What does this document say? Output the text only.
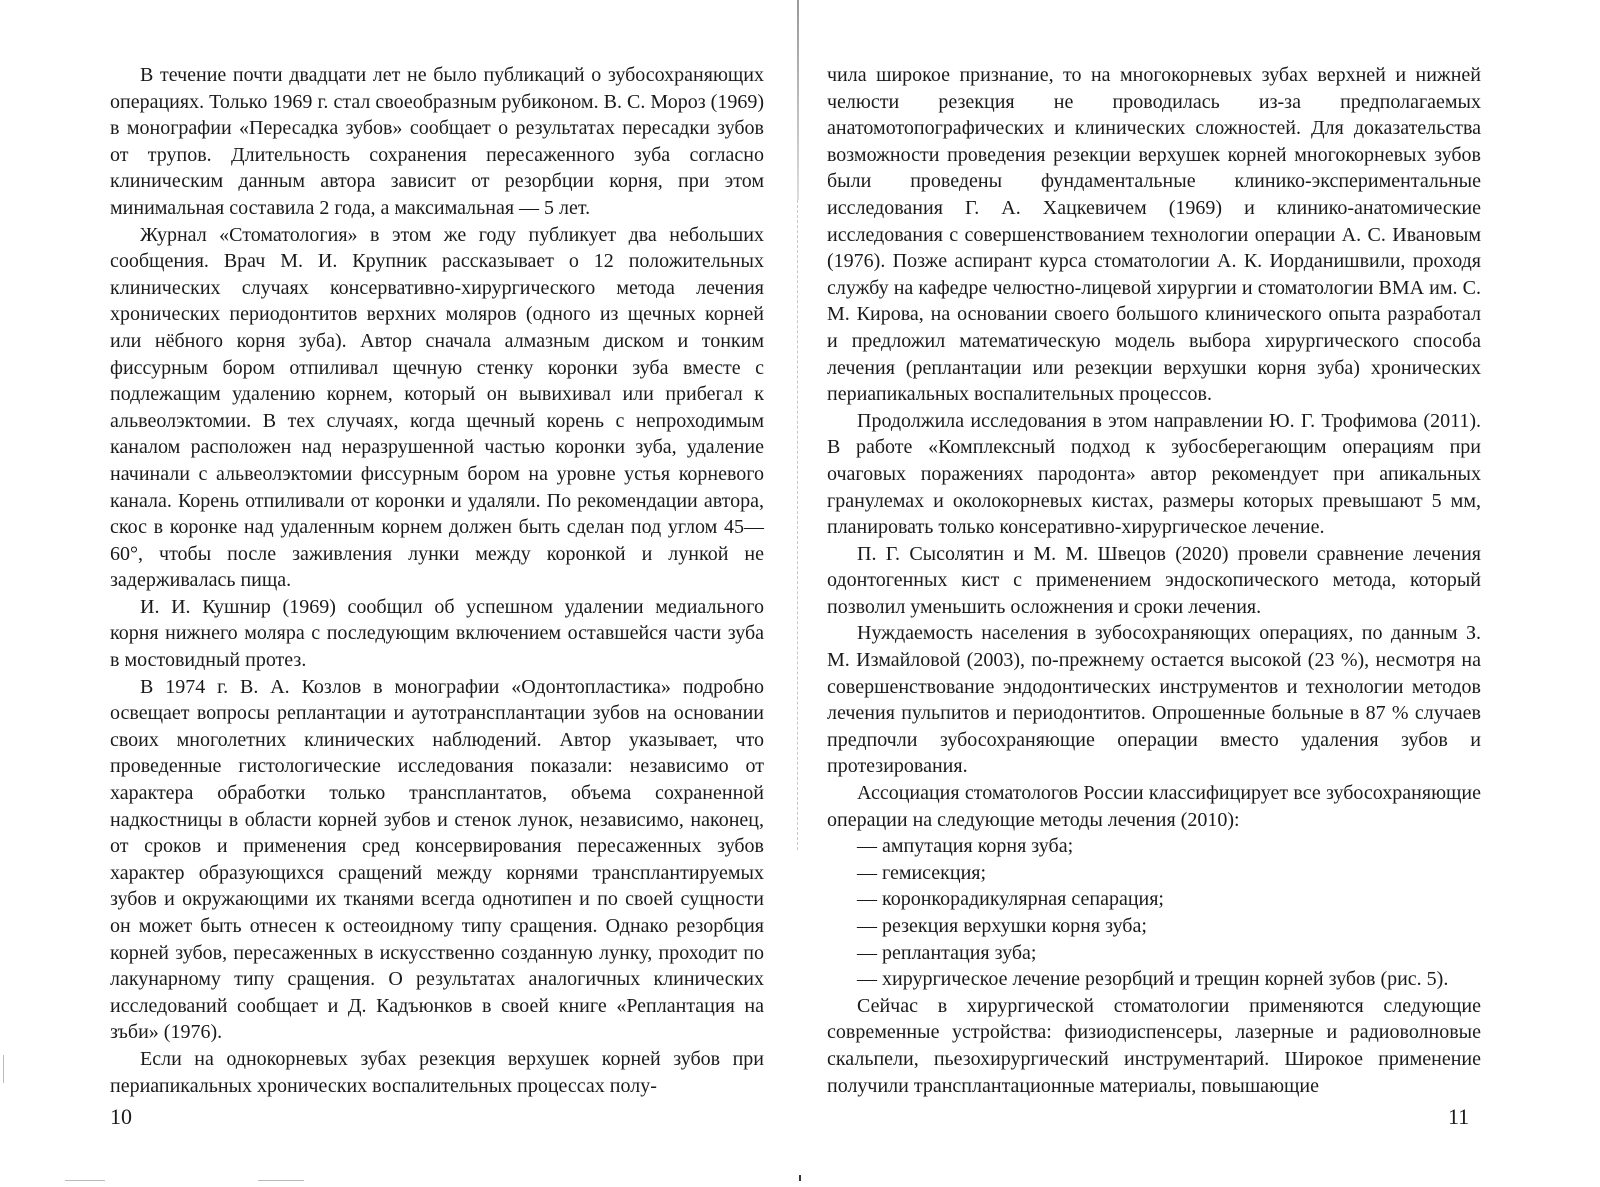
В течение почти двадцати лет не было публикаций о зубосохраняющих операциях. Только 1969 г. стал своеобразным рубиконом. В. С. Мороз (1969) в монографии «Пересадка зубов» сообщает о результатах пересадки зубов от трупов. Длительность сохранения пересаженного зуба согласно клиническим данным автора зависит от резорбции корня, при этом минимальная составила 2 года, а максимальная — 5 лет.

Журнал «Стоматология» в этом же году публикует два небольших сообщения. Врач М. И. Крупник рассказывает о 12 положительных клинических случаях консервативно-хирургического метода лечения хронических периодонтитов верхних моляров (одного из щечных корней или нёбного корня зуба). Автор сначала алмазным диском и тонким фиссурным бором отпиливал щечную стенку коронки зуба вместе с подлежащим удалению корнем, который он вывихивал или прибегал к альвеолэктомии. В тех случаях, когда щечный корень с непроходимым каналом расположен над неразрушенной частью коронки зуба, удаление начинали с альвеолэктомии фиссурным бором на уровне устья корневого канала. Корень отпиливали от коронки и удаляли. По рекомендации автора, скос в коронке над удаленным корнем должен быть сделан под углом 45—60°, чтобы после заживления лунки между коронкой и лункой не задерживалась пища.

И. И. Кушнир (1969) сообщил об успешном удалении медиального корня нижнего моляра с последующим включением оставшейся части зуба в мостовидный протез.

В 1974 г. В. А. Козлов в монографии «Одонтопластика» подробно освещает вопросы реплантации и аутотрансплантации зубов на основании своих многолетних клинических наблюдений. Автор указывает, что проведенные гистологические исследования показали: независимо от характера обработки только трансплантатов, объема сохраненной надкостницы в области корней зубов и стенок лунок, независимо, наконец, от сроков и применения сред консервирования пересаженных зубов характер образующихся сращений между корнями трансплантируемых зубов и окружающими их тканями всегда однотипен и по своей сущности он может быть отнесен к остеоидному типу сращения. Однако резорбция корней зубов, пересаженных в искусственно созданную лунку, проходит по лакунарному типу сращения. О результатах аналогичных клинических исследований сообщает и Д. Кадъюнков в своей книге «Реплантация на зъби» (1976).

Если на однокорневых зубах резекция верхушек корней зубов при периапикальных хронических воспалительных процессах полу-

10

чила широкое признание, то на многокорневых зубах верхней и нижней челюсти резекция не проводилась из-за предполагаемых анатомотопографических и клинических сложностей. Для доказательства возможности проведения резекции верхушек корней многокорневых зубов были проведены фундаментальные клинико-экспериментальные исследования Г. А. Хацкевичем (1969) и клинико-анатомические исследования с совершенствованием технологии операции А. С. Ивановым (1976). Позже аспирант курса стоматологии А. К. Иорданишвили, проходя службу на кафедре челюстно-лицевой хирургии и стоматологии ВМА им. С. М. Кирова, на основании своего большого клинического опыта разработал и предложил математическую модель выбора хирургического способа лечения (реплантации или резекции верхушки корня зуба) хронических периапикальных воспалительных процессов.

Продолжила исследования в этом направлении Ю. Г. Трофимова (2011). В работе «Комплексный подход к зубосберегающим операциям при очаговых поражениях пародонта» автор рекомендует при апикальных гранулемах и околокорневых кистах, размеры которых превышают 5 мм, планировать только консеративно-хирургическое лечение.

П. Г. Сысолятин и М. М. Швецов (2020) провели сравнение лечения одонтогенных кист с применением эндоскопического метода, который позволил уменьшить осложнения и сроки лечения.

Нуждаемость населения в зубосохраняющих операциях, по данным З. М. Измайловой (2003), по-прежнему остается высокой (23 %), несмотря на совершенствование эндодонтических инструментов и технологии методов лечения пульпитов и периодонтитов. Опрошенные больные в 87 % случаев предпочли зубосохраняющие операции вместо удаления зубов и протезирования.

Ассоциация стоматологов России классифицирует все зубосохраняющие операции на следующие методы лечения (2010):

— ампутация корня зуба;
— гемисекция;
— коронкорадикулярная сепарация;
— резекция верхушки корня зуба;
— реплантация зуба;
— хирургическое лечение резорбций и трещин корней зубов (рис. 5).

Сейчас в хирургической стоматологии применяются следующие современные устройства: физиодиспенсеры, лазерные и радиоволновые скальпели, пьезохирургический инструментарий. Широкое применение получили трансплантационные материалы, повышающие

11
